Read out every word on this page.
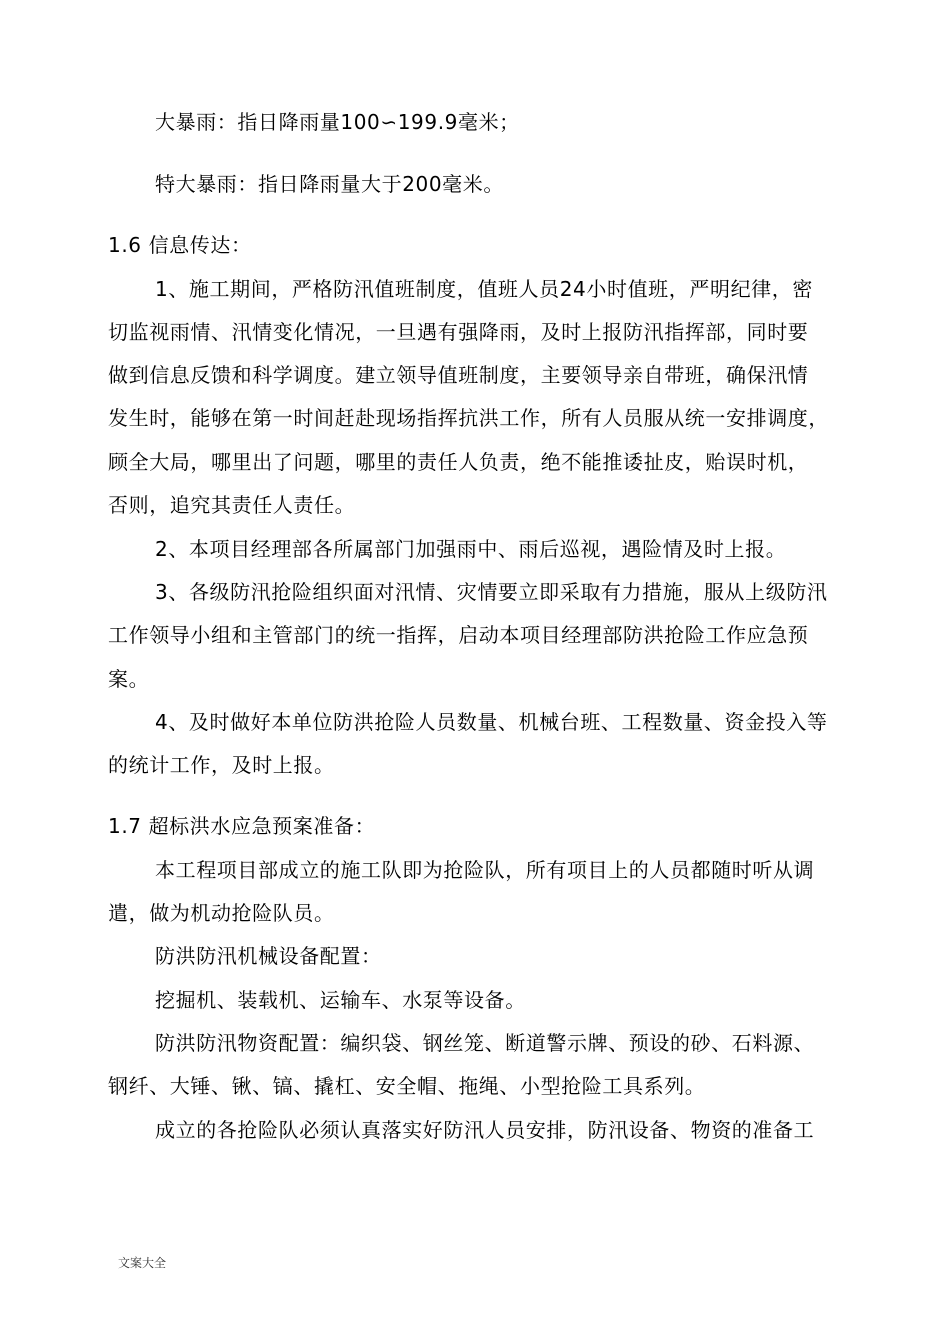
大暴雨：指日降雨量100∽199.9毫米；
特大暴雨：指日降雨量大于200毫米。
1.6 信息传达：
1、施工期间，严格防汛值班制度，值班人员24小时值班，严明纪律，密
切监视雨情、汛情变化情况，一旦遇有强降雨，及时上报防汛指挥部，同时要
做到信息反馈和科学调度。建立领导值班制度，主要领导亲自带班，确保汛情
发生时，能够在第一时间赶赴现场指挥抗洪工作，所有人员服从统一安排调度，
顾全大局，哪里出了问题，哪里的责任人负责，绝不能推诿扯皮，贻误时机，
否则，追究其责任人责任。
2、本项目经理部各所属部门加强雨中、雨后巡视，遇险情及时上报。
3、各级防汛抢险组织面对汛情、灾情要立即采取有力措施，服从上级防汛
工作领导小组和主管部门的统一指挥，启动本项目经理部防洪抢险工作应急预
案。
4、及时做好本单位防洪抢险人员数量、机械台班、工程数量、资金投入等
的统计工作，及时上报。
1.7 超标洪水应急预案准备：
本工程项目部成立的施工队即为抢险队，所有项目上的人员都随时听从调
遣，做为机动抢险队员。
防洪防汛机械设备配置：
挖掘机、装载机、运输车、水泵等设备。
防洪防汛物资配置：编织袋、钢丝笼、断道警示牌、预设的砂、石料源、
钢纤、大锤、锹、镐、撬杠、安全帽、拖绳、小型抢险工具系列。
成立的各抢险队必须认真落实好防汛人员安排，防汛设备、物资的准备工
文案大全
